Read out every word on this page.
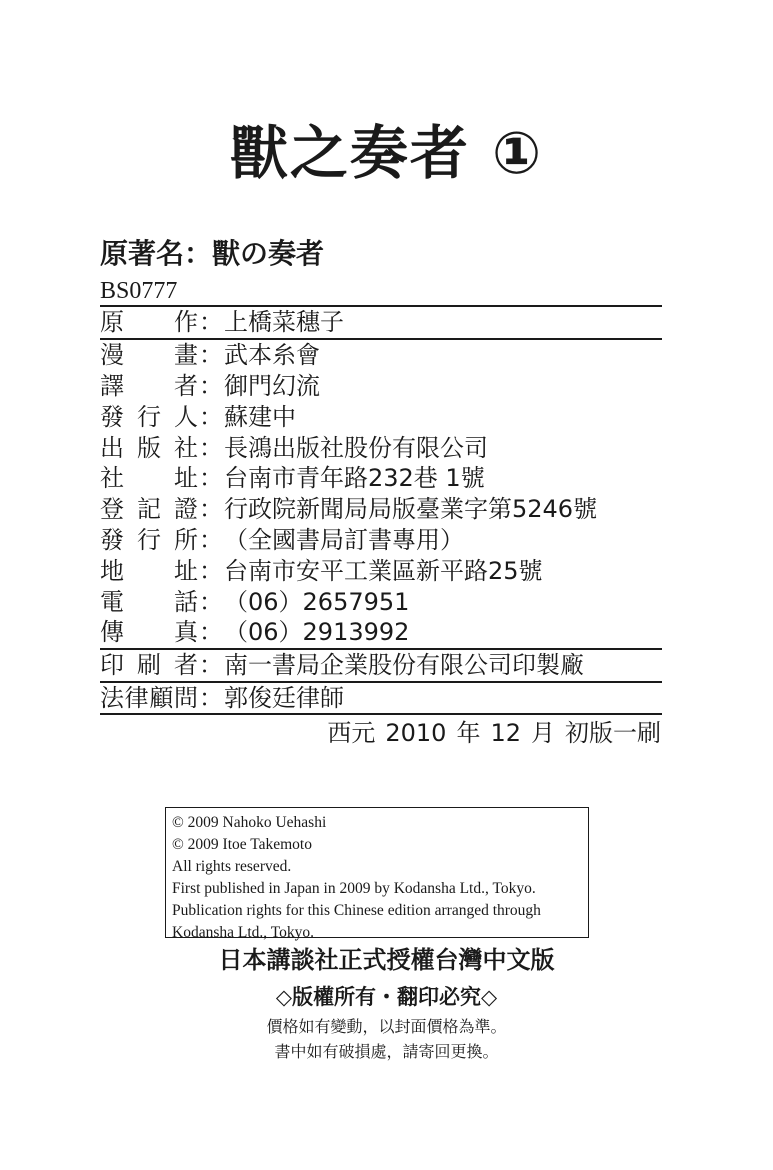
獸之奏者 ①
原著名：獸の奏者
BS0777
原 作 ： 上橋菜穗子
漫 畫 ： 武本糸會
譯 者 ： 御門幻流
發 行 人 ： 蘇建中
出 版 社 ： 長鴻出版社股份有限公司
社 址 ： 台南市青年路232巷 1號
登 記 證 ： 行政院新聞局局版臺業字第5246號
發 行 所 ： （全國書局訂書專用）
地 址 ： 台南市安平工業區新平路25號
電 話 ： （06）2657951
傳 真 ： （06）2913992
印 刷 者 ： 南一書局企業股份有限公司印製廠
法 律 顧 問 ： 郭俊廷律師
西元 2010 年 12 月 初版一刷
© 2009 Nahoko Uehashi
© 2009 Itoe Takemoto
All rights reserved.
First published in Japan in 2009 by Kodansha Ltd., Tokyo.
Publication rights for this Chinese edition arranged through
Kodansha Ltd., Tokyo.
日本講談社正式授權台灣中文版
◇版權所有・翻印必究◇
價格如有變動，以封面價格為準。
書中如有破損處，請寄回更換。
